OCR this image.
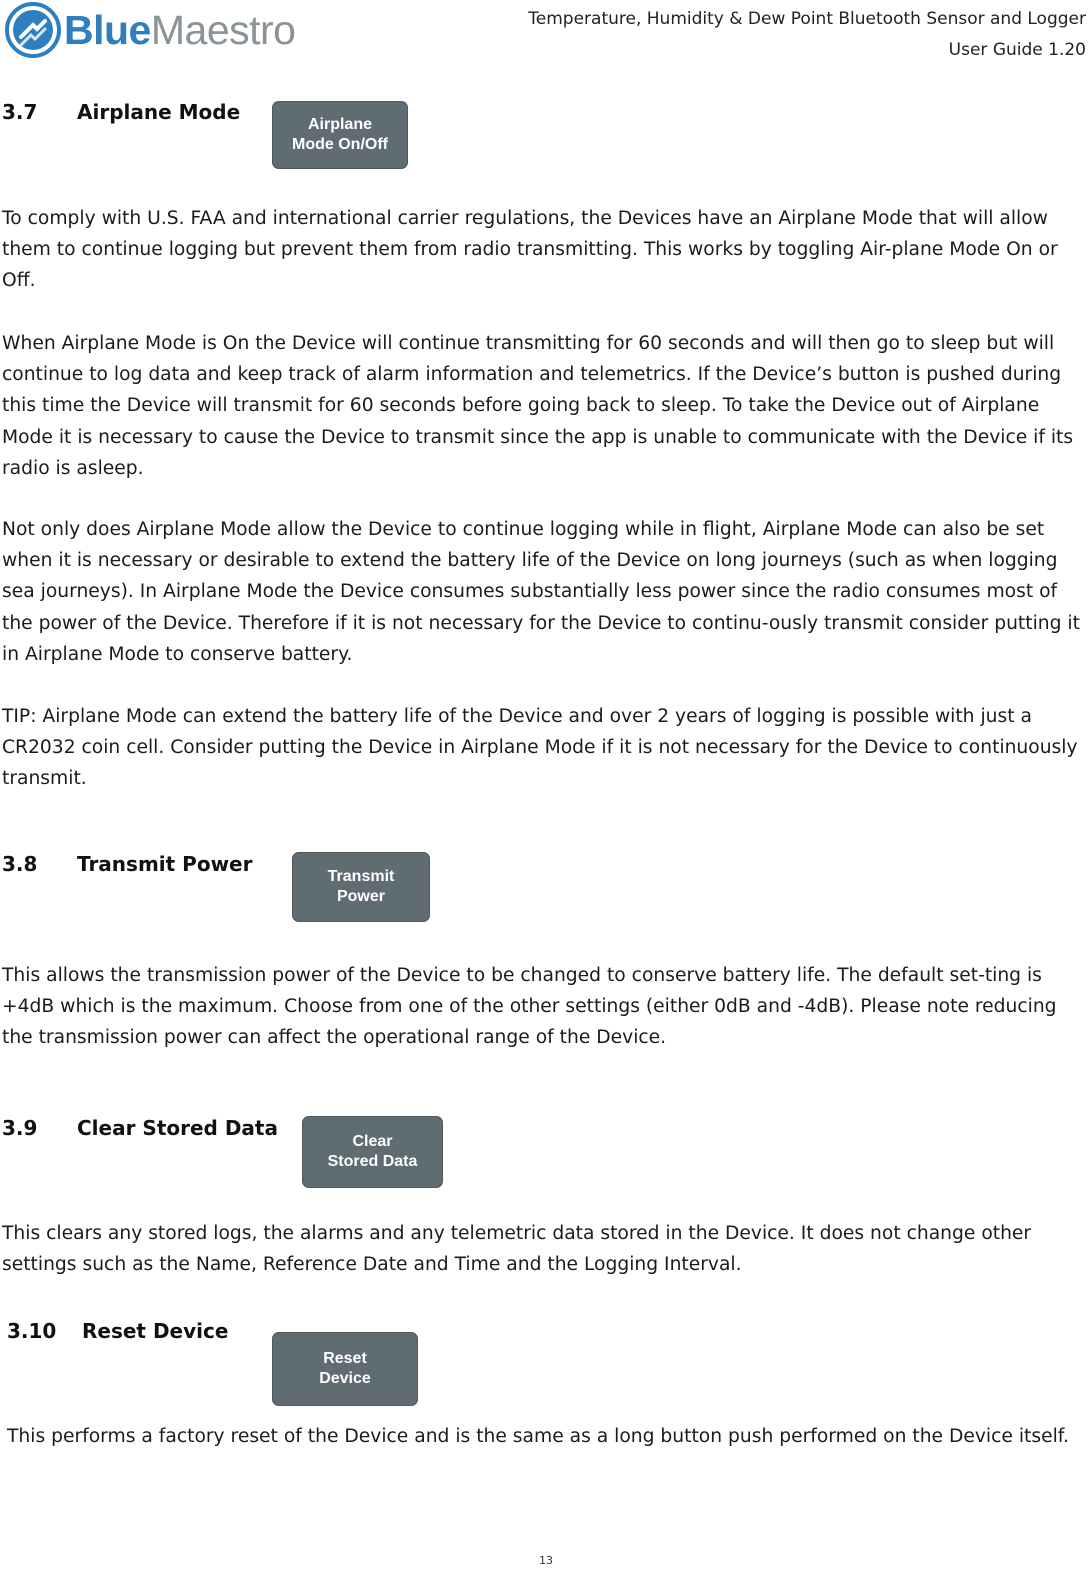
BlueMaestro	Temperature, Humidity & Dew Point Bluetooth Sensor and Logger
User Guide 1.20
3.7 Airplane Mode
Airplane
Mode On/Off

To comply with U.S. FAA and international carrier regulations, the Devices have an Airplane Mode that will allow them to continue logging but prevent them from radio transmitting. This works by toggling Air-plane Mode On or Off.

When Airplane Mode is On the Device will continue transmitting for 60 seconds and will then go to sleep but will continue to log data and keep track of alarm information and telemetrics. If the Device’s button is pushed during this time the Device will transmit for 60 seconds before going back to sleep. To take the Device out of Airplane Mode it is necessary to cause the Device to transmit since the app is unable to communicate with the Device if its radio is asleep.

Not only does Airplane Mode allow the Device to continue logging while in flight, Airplane Mode can also be set when it is necessary or desirable to extend the battery life of the Device on long journeys (such as when logging sea journeys). In Airplane Mode the Device consumes substantially less power since the radio consumes most of the power of the Device. Therefore if it is not necessary for the Device to continu-ously transmit consider putting it in Airplane Mode to conserve battery.

TIP: Airplane Mode can extend the battery life of the Device and over 2 years of logging is possible with just a CR2032 coin cell. Consider putting the Device in Airplane Mode if it is not necessary for the Device to continuously transmit.

3.8 Transmit Power
Transmit
Power

This allows the transmission power of the Device to be changed to conserve battery life. The default set-ting is +4dB which is the maximum. Choose from one of the other settings (either 0dB and -4dB). Please note reducing the transmission power can affect the operational range of the Device.

3.9 Clear Stored Data
Clear
Stored Data

This clears any stored logs, the alarms and any telemetric data stored in the Device. It does not change other settings such as the Name, Reference Date and Time and the Logging Interval.

3.10 Reset Device
Reset
Device

This performs a factory reset of the Device and is the same as a long button push performed on the Device itself.

13
